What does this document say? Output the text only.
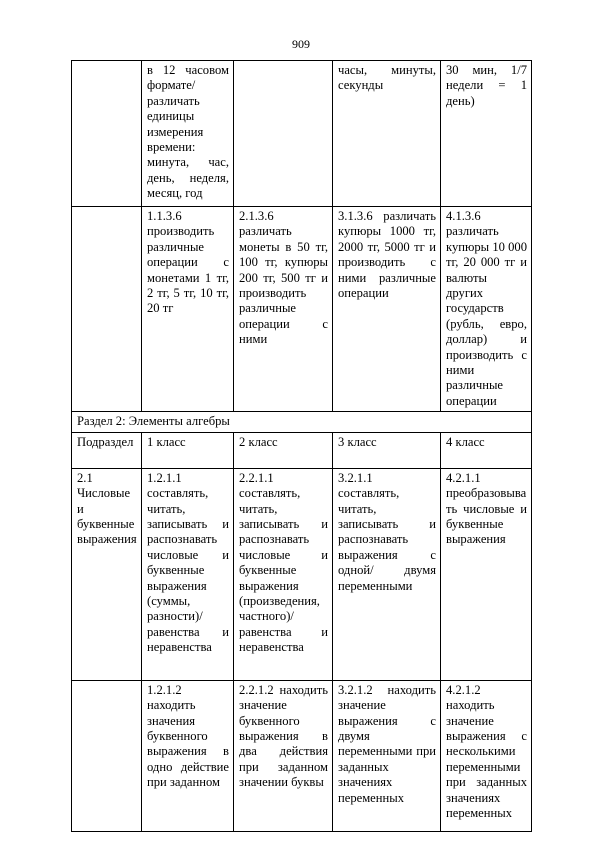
909
	в 12 часовом формате/ различать единицы измерения времени: минута, час, день, неделя, месяц, год		часы, минуты, секунды	30 мин, 1/7 недели = 1 день)
	1.1.3.6 производить различные операции с монетами 1 тг, 2 тг, 5 тг, 10 тг, 20 тг	2.1.3.6 различать монеты в 50 тг, 100 тг, купюры 200 тг, 500 тг и производить различные операции с ними	3.1.3.6 различать купюры 1000 тг, 2000 тг, 5000 тг и производить с ними различные операции	4.1.3.6 различать купюры 10 000 тг, 20 000 тг и валюты других государств (рубль, евро, доллар) и производить с ними различные операции
Раздел 2: Элементы алгебры				
Подраздел	1 класс	2 класс	3 класс	4 класс
2.1 Числовые и буквенные выражения	1.2.1.1 составлять, читать, записывать и распознавать числовые и буквенные выражения (суммы, разности)/ равенства и неравенства	2.2.1.1 составлять, читать, записывать и распознавать числовые и буквенные выражения (произведения, частного)/ равенства и неравенства	3.2.1.1 составлять, читать, записывать и распознавать выражения с одной/ двумя переменными	4.2.1.1 преобразовывать числовые и буквенные выражения
	1.2.1.2 находить значения буквенного выражения в одно действие при заданном	2.2.1.2 находить значение буквенного выражения в два действия при заданном значении буквы	3.2.1.2 находить значение выражения с двумя переменными при заданных значениях переменных	4.2.1.2 находить значение выражения с несколькими переменными при заданных значениях переменных
